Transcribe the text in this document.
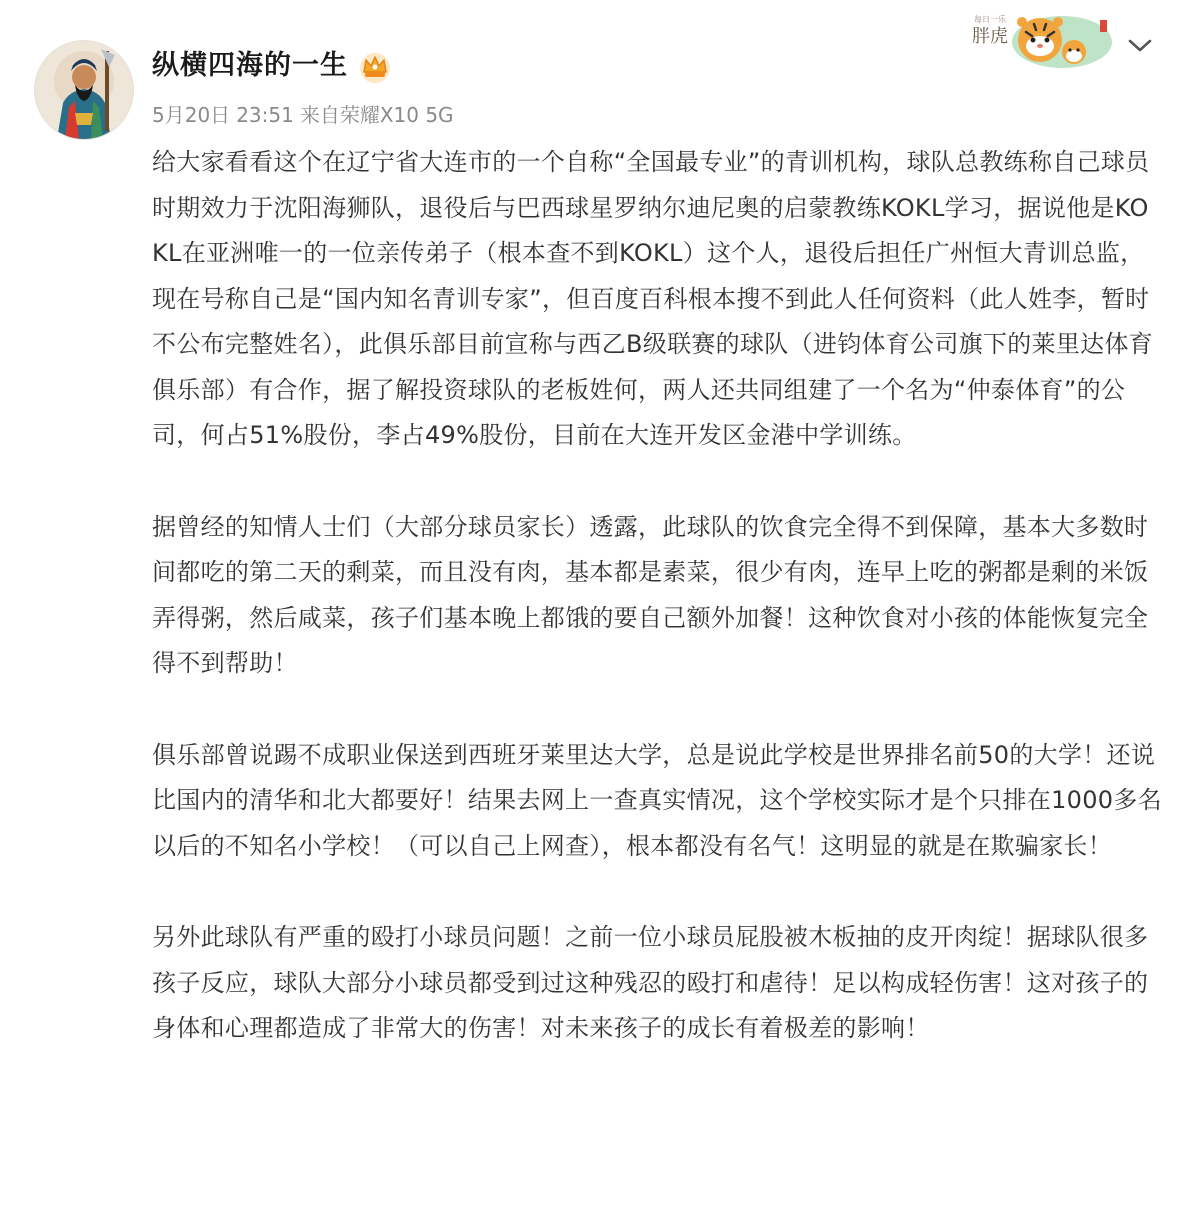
纵横四海的一生
5月20日 23:51 来自荣耀X10 5G
胖虎
每日一乐

给大家看看这个在辽宁省大连市的一个自称“全国最专业”的青训机构，球队总教练称自己球员时期效力于沈阳海狮队，退役后与巴西球星罗纳尔迪尼奥的启蒙教练KOKL学习，据说他是KOKL在亚洲唯一的一位亲传弟子（根本查不到KOKL）这个人，退役后担任广州恒大青训总监，现在号称自己是“国内知名青训专家”，但百度百科根本搜不到此人任何资料（此人姓李，暂时不公布完整姓名），此俱乐部目前宣称与西乙B级联赛的球队（进钧体育公司旗下的莱里达体育俱乐部）有合作，据了解投资球队的老板姓何，两人还共同组建了一个名为“仲泰体育”的公司，何占51%股份，李占49%股份，目前在大连开发区金港中学训练。

据曾经的知情人士们（大部分球员家长）透露，此球队的饮食完全得不到保障，基本大多数时间都吃的第二天的剩菜，而且没有肉，基本都是素菜，很少有肉，连早上吃的粥都是剩的米饭弄得粥，然后咸菜，孩子们基本晚上都饿的要自己额外加餐！这种饮食对小孩的体能恢复完全得不到帮助！

俱乐部曾说踢不成职业保送到西班牙莱里达大学，总是说此学校是世界排名前50的大学！还说比国内的清华和北大都要好！结果去网上一查真实情况，这个学校实际才是个只排在1000多名以后的不知名小学校！（可以自己上网查），根本都没有名气！这明显的就是在欺骗家长！

另外此球队有严重的殴打小球员问题！之前一位小球员屁股被木板抽的皮开肉绽！据球队很多孩子反应，球队大部分小球员都受到过这种残忍的殴打和虐待！足以构成轻伤害！这对孩子的身体和心理都造成了非常大的伤害！对未来孩子的成长有着极差的影响！
